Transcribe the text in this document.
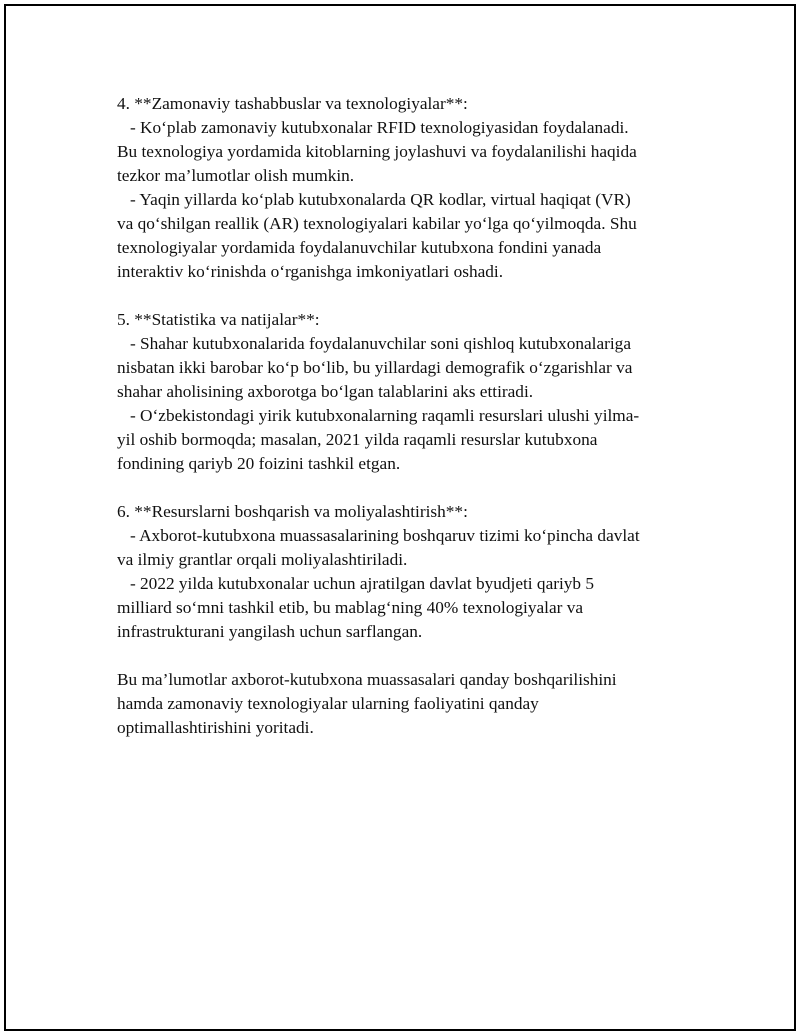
4. **Zamonaviy tashabbuslar va texnologiyalar**:
- Ko‘plab zamonaviy kutubxonalar RFID texnologiyasidan foydalanadi.
Bu texnologiya yordamida kitoblarning joylashuvi va foydalanilishi haqida
tezkor ma’lumotlar olish mumkin.
- Yaqin yillarda ko‘plab kutubxonalarda QR kodlar, virtual haqiqat (VR)
va qo‘shilgan reallik (AR) texnologiyalari kabilar yo‘lga qo‘yilmoqda. Shu
texnologiyalar yordamida foydalanuvchilar kutubxona fondini yanada
interaktiv ko‘rinishda o‘rganishga imkoniyatlari oshadi.
5. **Statistika va natijalar**:
- Shahar kutubxonalarida foydalanuvchilar soni qishloq kutubxonalariga
nisbatan ikki barobar ko‘p bo‘lib, bu yillardagi demografik o‘zgarishlar va
shahar aholisining axborotga bo‘lgan talablarini aks ettiradi.
- O‘zbekistondagi yirik kutubxonalarning raqamli resurslari ulushi yilma-
yil oshib bormoqda; masalan, 2021 yilda raqamli resurslar kutubxona
fondining qariyb 20 foizini tashkil etgan.
6. **Resurslarni boshqarish va moliyalashtirish**:
- Axborot-kutubxona muassasalarining boshqaruv tizimi ko‘pincha davlat
va ilmiy grantlar orqali moliyalashtiriladi.
- 2022 yilda kutubxonalar uchun ajratilgan davlat byudjeti qariyb 5
milliard so‘mni tashkil etib, bu mablag‘ning 40% texnologiyalar va
infrastrukturani yangilash uchun sarflangan.
Bu ma’lumotlar axborot-kutubxona muassasalari qanday boshqarilishini
hamda zamonaviy texnologiyalar ularning faoliyatini qanday
optimallashtirishini yoritadi.
